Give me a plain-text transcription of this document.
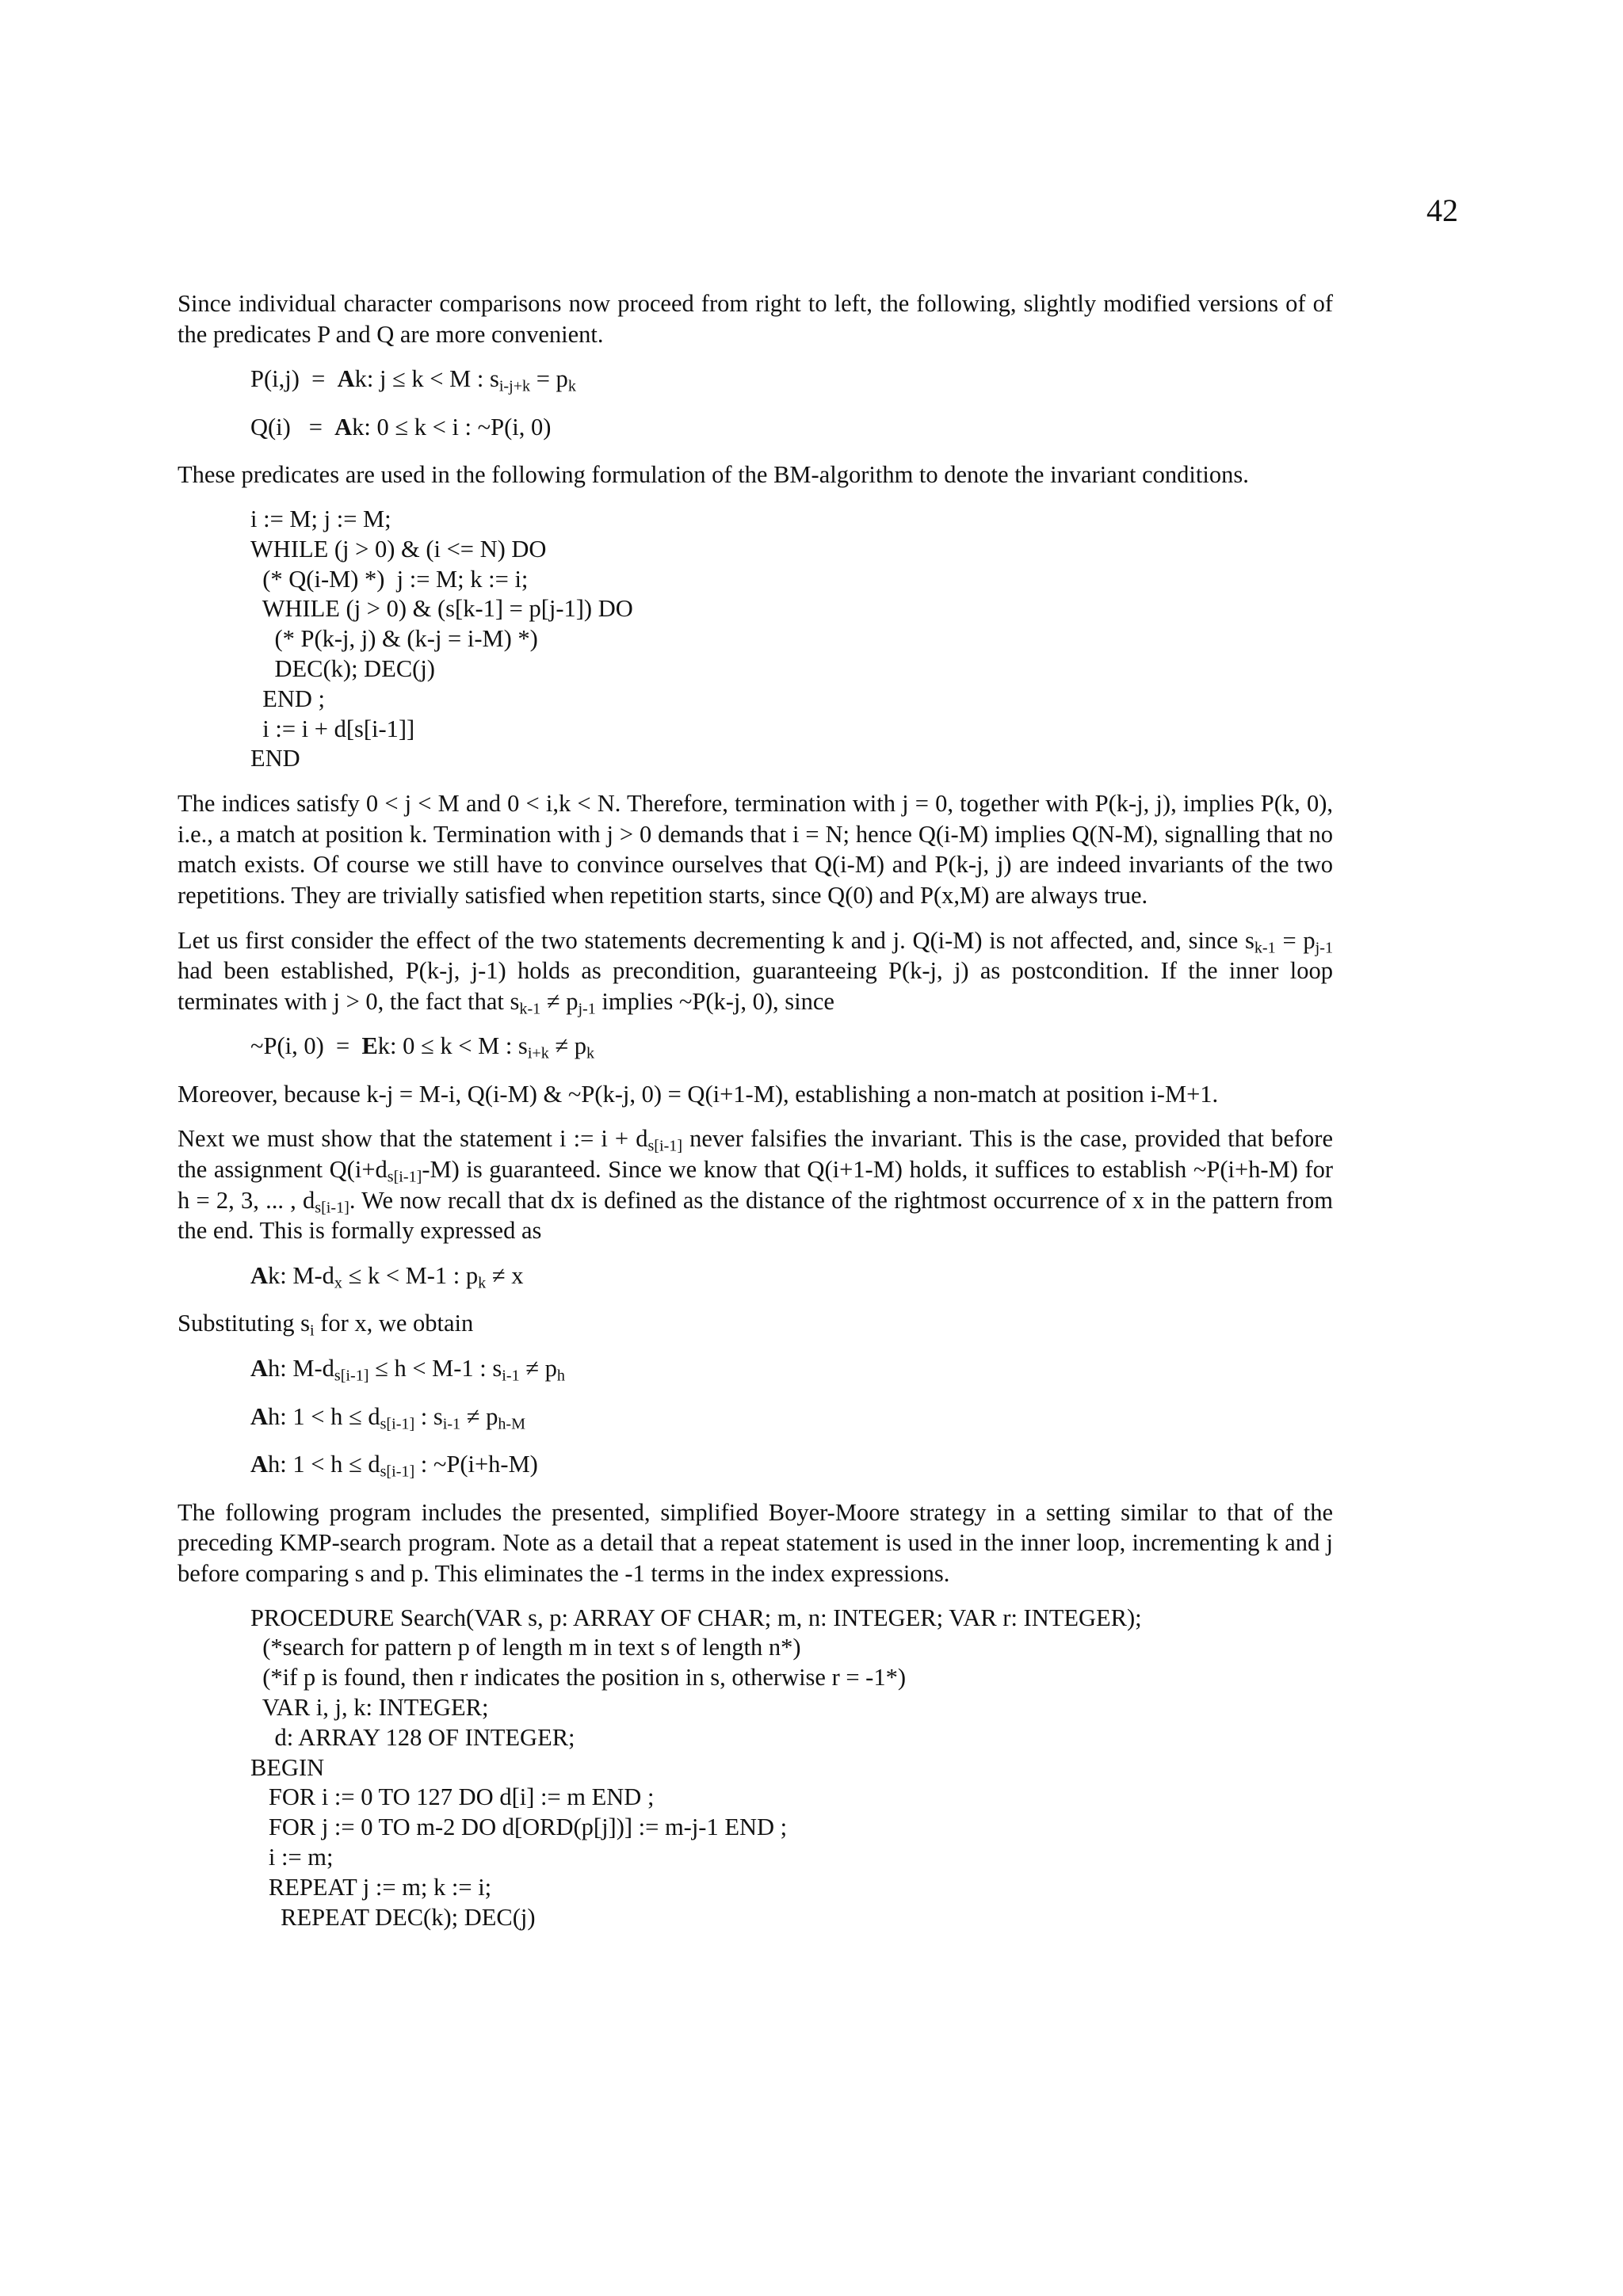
42

Since individual character comparisons now proceed from right to left, the following, slightly modified versions of of the predicates P and Q are more convenient.

P(i,j)  =  Ak: j ≤ k < M : $s_{i-j+k} = p_k$
Q(i)   =  Ak: 0 ≤ k < i : ~P(i, 0)

These predicates are used in the following formulation of the BM-algorithm to denote the invariant conditions.

i := M; j := M;
WHILE (j > 0) & (i <= N) DO
(* Q(i-M) *)  j := M; k := i;
WHILE (j > 0) & (s[k-1] = p[j-1]) DO
(* P(k-j, j) & (k-j = i-M) *)
DEC(k); DEC(j)
END ;
i := i + d[s[i-1]]
END

The indices satisfy 0 < j < M and 0 < i,k < N. Therefore, termination with j = 0, together with P(k-j, j), implies P(k, 0), i.e., a match at position k. Termination with j > 0 demands that i = N; hence Q(i-M) implies Q(N-M), signalling that no match exists. Of course we still have to convince ourselves that Q(i-M) and P(k-j, j) are indeed invariants of the two repetitions. They are trivially satisfied when repetition starts, since Q(0) and P(x,M) are always true.

Let us first consider the effect of the two statements decrementing k and j. Q(i-M) is not affected, and, since $s_{k-1} = p_{j-1}$ had been established, P(k-j, j-1) holds as precondition, guaranteeing P(k-j, j) as postcondition. If the inner loop terminates with j > 0, the fact that $s_{k-1} \ne p_{j-1}$ implies ~P(k-j, 0), since

~P(i, 0)  =  Ek: 0 ≤ k < M : $s_{i+k} \ne p_k$

Moreover, because k-j = M-i, Q(i-M) & ~P(k-j, 0) = Q(i+1-M), establishing a non-match at position i-M+1.

Next we must show that the statement i := $i + d_{s[i-1]}$ never falsifies the invariant. This is the case, provided that before the assignment $Q(i+d_{s[i-1]}-M)$ is guaranteed. Since we know that Q(i+1-M) holds, it suffices to establish ~P(i+h-M) for h = 2, 3, ... , $d_{s[i-1]}$. We now recall that dx is defined as the distance of the rightmost occurrence of x in the pattern from the end. This is formally expressed as

Ak: $M-d_x \le k < M-1$ : $p_k \ne x$

Substituting $s_i$ for x, we obtain

Ah: $M-d_{s[i-1]} \le h < M-1$ : $s_{i-1} \ne p_h$
Ah: $1 < h \le d_{s[i-1]}$ : $s_{i-1} \ne p_{h-M}$
Ah: $1 < h \le d_{s[i-1]}$ : ~P(i+h-M)

The following program includes the presented, simplified Boyer-Moore strategy in a setting similar to that of the preceding KMP-search program. Note as a detail that a repeat statement is used in the inner loop, incrementing k and j before comparing s and p. This eliminates the -1 terms in the index expressions.

PROCEDURE Search(VAR s, p: ARRAY OF CHAR; m, n: INTEGER; VAR r: INTEGER);
(*search for pattern p of length m in text s of length n*)
(*if p is found, then r indicates the position in s, otherwise r = -1*)
VAR i, j, k: INTEGER;
d: ARRAY 128 OF INTEGER;
BEGIN
FOR i := 0 TO 127 DO d[i] := m END ;
FOR j := 0 TO m-2 DO d[ORD(p[j])] := m-j-1 END ;
i := m;
REPEAT j := m; k := i;
REPEAT DEC(k); DEC(j)
